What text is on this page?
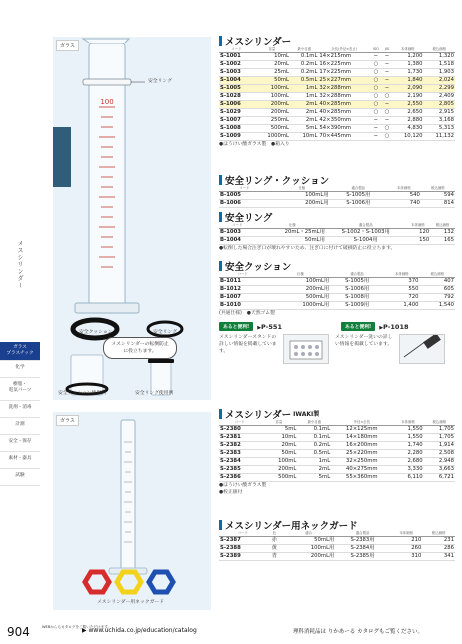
メスシリンダー
ガラス
プラスチック
化学
樹脂・
電気パーツ
洗剤・消毒
計測
安全・保存
素材・器具
試験
ガラス
100
安全リング
安全クッション	安全リング
メスシリンダーの転倒防止に役立ちます。
安全クッション使用例	安全リング使用例
ガラス
メスシリンダー用ネックガード
メスシリンダー
コード	容量	最小目盛	全長(外径×長さ)	ISO	JIS	本体価格	税込価格
S-1001	10mL	0.1mL	14×215mm	−	−	1,200	1,320
S-1002	20mL	0.2mL	16×225mm	○	−	1,380	1,518
S-1003	25mL	0.2mL	17×225mm	○	−	1,730	1,903
S-1004	50mL	0.5mL	25×227mm	○	−	1,840	2,024
S-1005	100mL	1mL	32×288mm	○	−	2,090	2,299
S-1028	100mL	1mL	32×288mm	○	○	2,190	2,409
S-1006	200mL	2mL	40×285mm	○	−	2,550	2,805
S-1029	200mL	2mL	40×285mm	○	○	2,650	2,915
S-1007	250mL	2mL	42×350mm	−	−	2,880	3,168
S-1008	500mL	5mL	54×390mm	−	○	4,830	5,313
S-1009	1000mL	10mL	70×445mm	−	○	10,120	11,132
●ほうけい酸ガラス製　●箱入り
安全リング・クッション
コード		仕様	適合製品	本体価格	税込価格
B-1005		100mL用	S-1005用	540	594
B-1006		200mL用	S-1006用	740	814
安全リング
コード		仕様	適合製品	本体価格	税込価格
B-1003		20mL・25mL用	S-1002・S-1003用	120	132
B-1004		50mL用	S-1004用	150	165
●転倒した場合注ぎ口が壊れやすいため、注ぎ口に付けて破損防止に役立ちます。
安全クッション
コード		仕様	適合製品	本体価格	税込価格
B-1011		100mL用	S-1005用	370	407
B-1012		200mL用	S-1006用	550	605
B-1007		500mL用	S-1008用	720	792
B-1010		1000mL用	S-1009用	1,400	1,540
(共通仕様)　●天然ゴム製
あると便利!	▶P-551	あると便利!	▶P-1018
メスシリンダースタンドの詳しい情報を掲載しています。
メスシリンダー洗いの詳しい情報を掲載しています。
メスシリンダー IWAKI製
コード	容量	最小目盛	外径×全長	本体価格	税込価格
S-2380	5mL	0.1mL	12×125mm	1,550	1,705
S-2381	10mL	0.1mL	14×180mm	1,550	1,705
S-2382	20mL	0.2mL	16×200mm	1,740	1,914
S-2383	50mL	0.5mL	25×220mm	2,280	2,508
S-2384	100mL	1mL	32×250mm	2,680	2,948
S-2385	200mL	2mL	40×275mm	3,330	3,663
S-2386	500mL	5mL	55×360mm	6,110	6,721
●ほうけい酸ガラス製
●校正値付
メスシリンダー用ネックガード
コード	色	適合	適合製品	本体価格	税込価格
S-2387	赤	50mL用	S-2383用	210	231
S-2388	黄	100mL用	S-2384用	260	286
S-2389	青	200mL用	S-2385用	310	341
904	WEBからもカタログをご覧いただけます。
▶ www.uchida.co.jp/education/catalog	理科消耗品は りかあーる カタログもご覧ください。
